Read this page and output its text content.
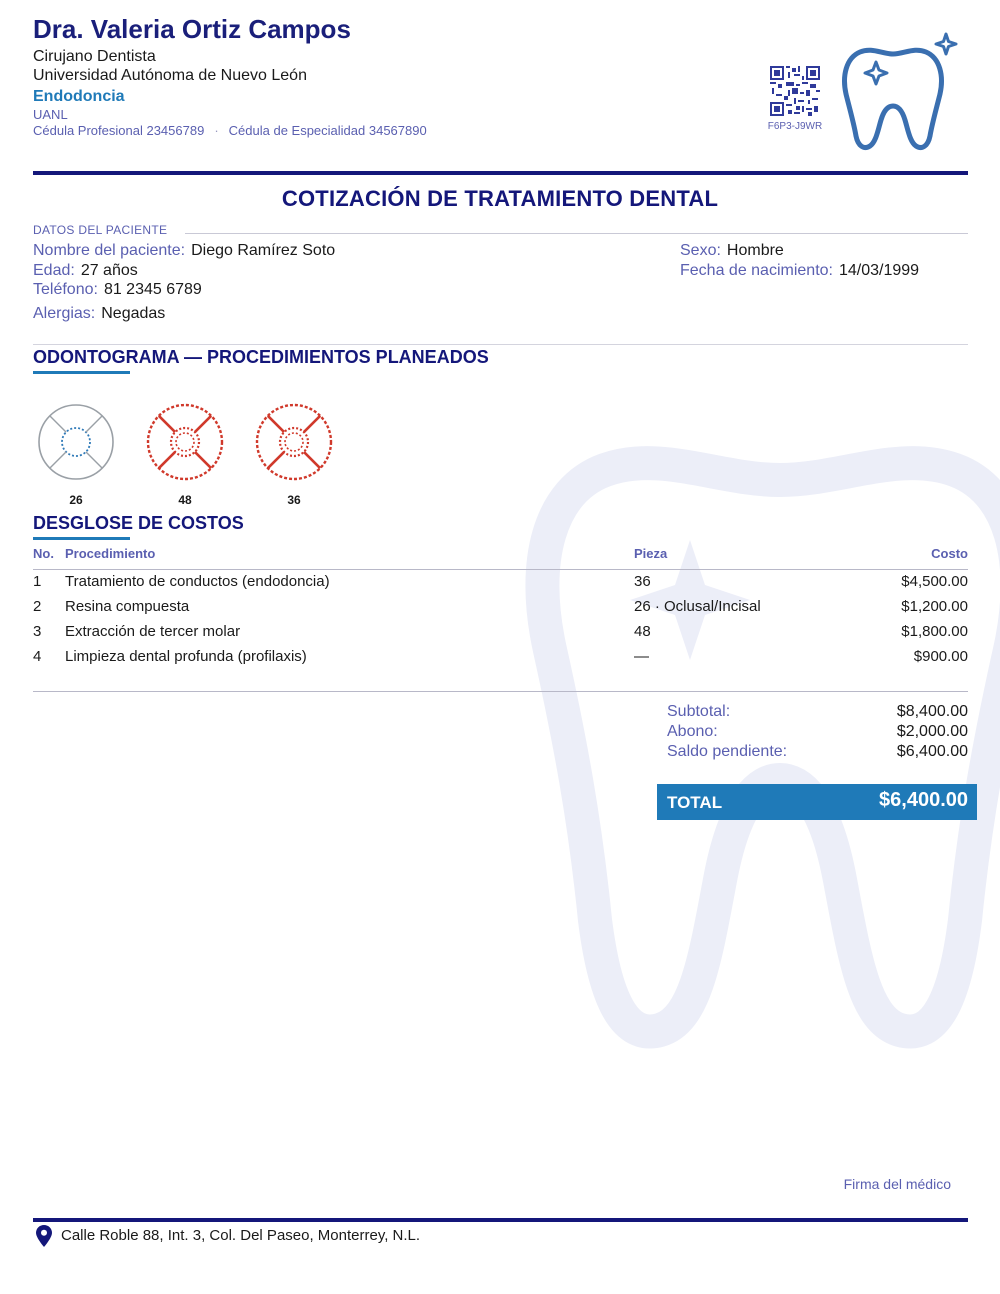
Dra. Valeria Ortiz Campos
Cirujano Dentista
Universidad Autónoma de Nuevo León
Endodoncia
UANL
Cédula Profesional 23456789 · Cédula de Especialidad 34567890	F6P3-J9WR
COTIZACIÓN DE TRATAMIENTO DENTAL
DATOS DEL PACIENTE
Nombre del paciente: Diego Ramírez Soto
Edad: 27 años
Teléfono: 81 2345 6789
Alergias: Negadas
Sexo: Hombre
Fecha de nacimiento: 14/03/1999
ODONTOGRAMA — PROCEDIMIENTOS PLANEADOS
26	48	36
DESGLOSE DE COSTOS
No. Procedimiento	Pieza	Costo
1 Tratamiento de conductos (endodoncia)	36	$4,500.00
2 Resina compuesta	26 · Oclusal/Incisal	$1,200.00
3 Extracción de tercer molar	48	$1,800.00
4 Limpieza dental profunda (profilaxis)	—	$900.00
Subtotal:	$8,400.00
Abono:	$2,000.00
Saldo pendiente:	$6,400.00
TOTAL	$6,400.00
Firma del médico
Calle Roble 88, Int. 3, Col. Del Paseo, Monterrey, N.L.
